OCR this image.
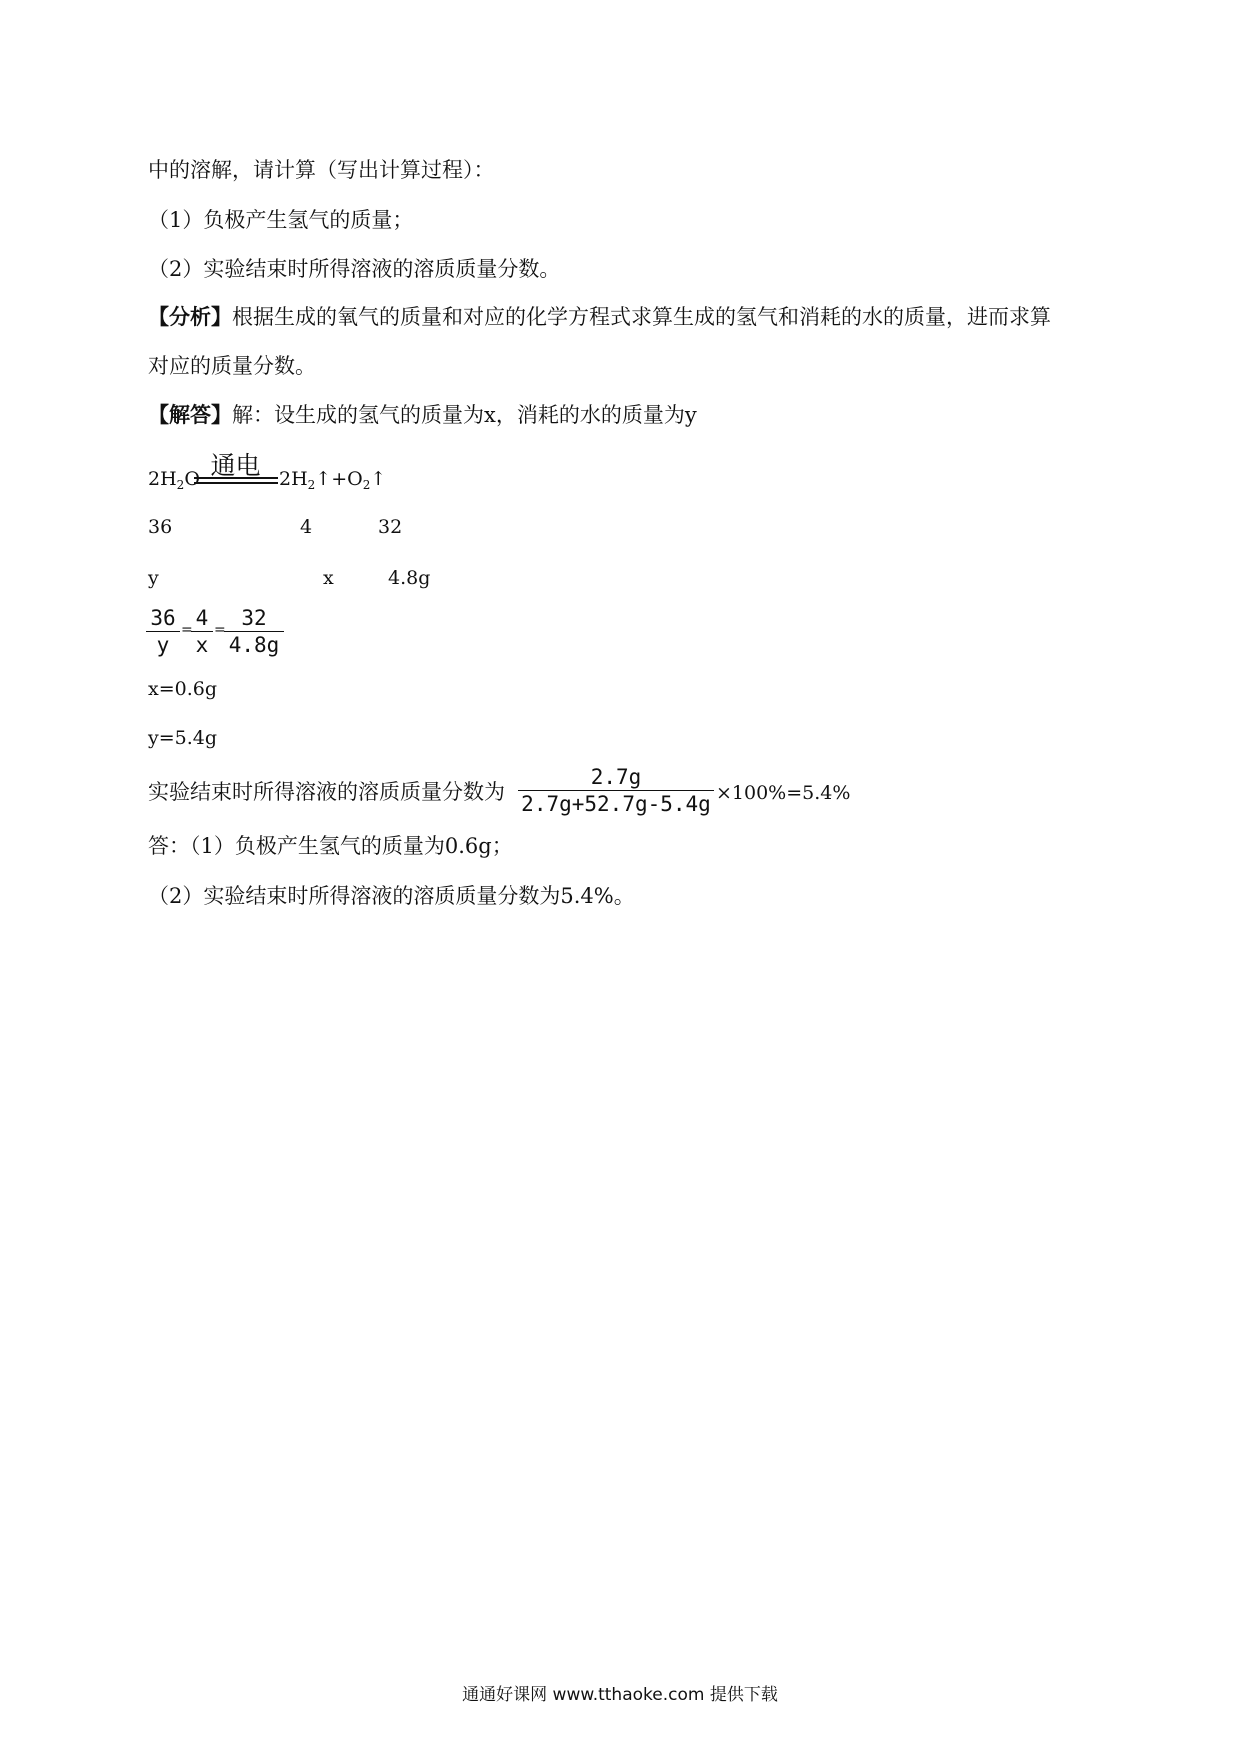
中的溶解，请计算（写出计算过程）：
（1）负极产生氢气的质量；
（2）实验结束时所得溶液的溶质质量分数。
【分析】根据生成的氧气的质量和对应的化学方程式求算生成的氢气和消耗的水的质量，进而求算
对应的质量分数。
【解答】解：设生成的氢气的质量为x，消耗的水的质量为y
$2H_2O$ 通电 $2H_2↑+O_2↑$
36	4	32
y	x	4.8g
36
y
= 4
x
= 32
4.8g
x=0.6g
y=5.4g
实验结束时所得溶液的溶质质量分数为
2.7g
2.7g+52.7g-5.4g ×100%=5.4%
答：（1）负极产生氢气的质量为0.6g；
（2）实验结束时所得溶液的溶质质量分数为5.4%。
通通好课网 www.tthaoke.com 提供下载
